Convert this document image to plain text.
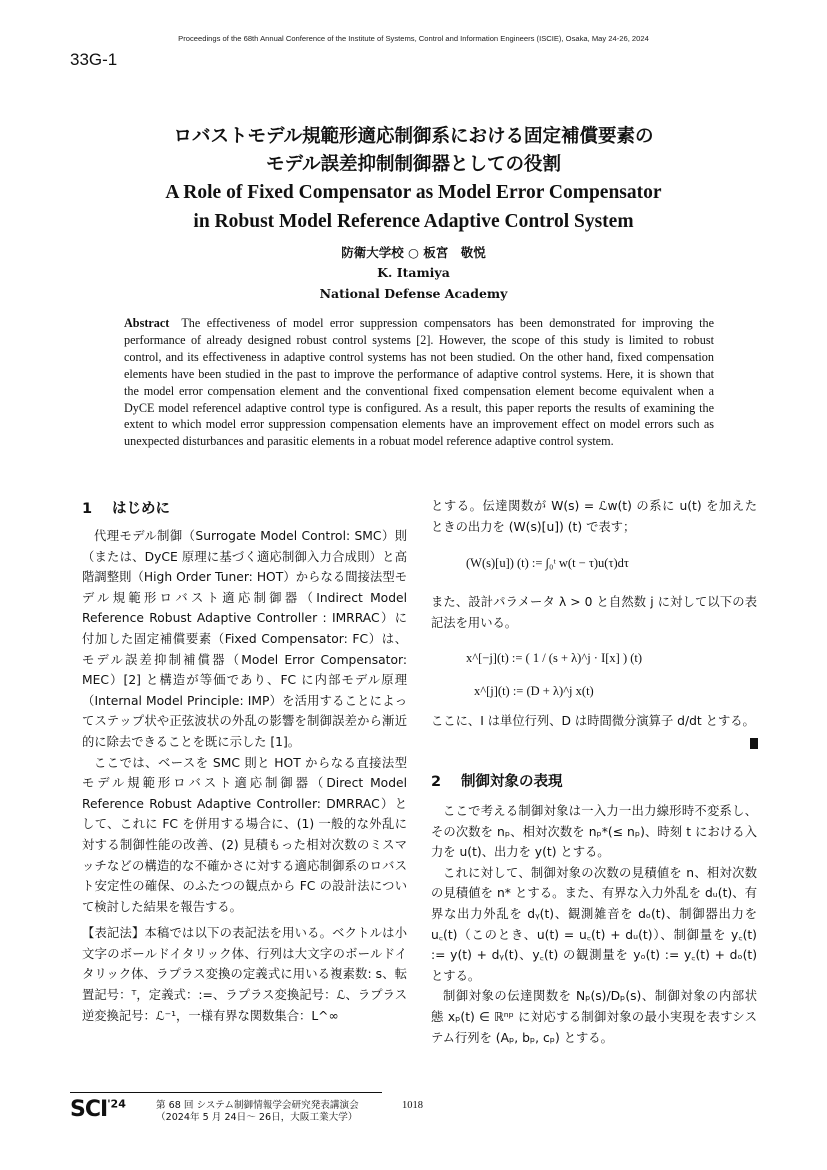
Proceedings of the 68th Annual Conference of the Institute of Systems, Control and Information Engineers (ISCIE), Osaka, May 24-26, 2024
33G-1
ロバストモデル規範形適応制御系における固定補償要素の
モデル誤差抑制制御器としての役割
A Role of Fixed Compensator as Model Error Compensator
in Robust Model Reference Adaptive Control System
防衛大学校 ○ 板宮　敬悦
K. Itamiya
National Defense Academy
Abstract The effectiveness of model error suppression compensators has been demonstrated for improving the performance of already designed robust control systems [2]. However, the scope of this study is limited to robust control, and its effectiveness in adaptive control systems has not been studied. On the other hand, fixed compensation elements have been studied in the past to improve the performance of adaptive control systems. Here, it is shown that the model error compensation element and the conventional fixed compensation element become equivalent when a DyCE model referencel adaptive control type is configured. As a result, this paper reports the results of examining the extent to which model error suppression compensation elements have an improvement effect on model errors such as unexpected disturbances and parasitic elements in a robuat model reference adaptive control system.
1 はじめに

代理モデル制御（Surrogate Model Control: SMC）則（または、DyCE 原理に基づく適応制御入力合成則）と高階調整則（High Order Tuner: HOT）からなる間接法型モデル規範形ロバスト適応制御器（Indirect Model Reference Robust Adaptive Controller : IMRRAC）に付加した固定補償要素（Fixed Compensator: FC）は、モデル誤差抑制補償器（Model Error Compensator: MEC）[2] と構造が等価であり、FC に内部モデル原理（Internal Model Principle: IMP）を活用することによってステップ状や正弦波状の外乱の影響を制御誤差から漸近的に除去できることを既に示した [1]。

ここでは、ベースを SMC 則と HOT からなる直接法型モデル規範形ロバスト適応制御器（Direct Model Reference Robust Adaptive Controller: DMRRAC）として、これに FC を併用する場合に、(1) 一般的な外乱に対する制御性能の改善、(2) 見積もった相対次数のミスマッチなどの構造的な不確かさに対する適応制御系のロバスト安定性の確保、のふたつの観点から FC の設計法について検討した結果を報告する。

【表記法】本稿では以下の表記法を用いる。ベクトルは小文字のボールドイタリック体、行列は大文字のボールドイタリック体、ラプラス変換の定義式に用いる複素数: s、転置記号：ᵀ，定義式：:=、ラプラス変換記号：ℒ、ラプラス逆変換記号：ℒ⁻¹，一様有界な関数集合：L^∞

とする。伝達関数が W(s) = ℒw(t) の系に u(t) を加えたときの出力を (W(s)[u]) (t) で表す；

(W(s)[u]) (t) := ∫₀ᵗ w(t − τ)u(τ)dτ

また、設計パラメータ λ > 0 と自然数 j に対して以下の表記法を用いる。

x^[−j](t) := ( 1 / (s + λ)^j · I[x] ) (t)
x^[j](t) := (D + λ)^j x(t)

ここに、I は単位行列、D は時間微分演算子 d/dt とする。

2 制御対象の表現

ここで考える制御対象は一入力一出力線形時不変系し、その次数を nₚ、相対次数を nₚ*(≤ nₚ)、時刻 t における入力を u(t)、出力を y(t) とする。

これに対して、制御対象の次数の見積値を n、相対次数の見積値を n* とする。また、有界な入力外乱を dᵤ(t)、有界な出力外乱を dᵧ(t)、観測雑音を dₒ(t)、制御器出力を u꜀(t)（このとき、u(t) = u꜀(t) + dᵤ(t)）、制御量を y꜀(t) := y(t) + dᵧ(t)、y꜀(t) の観測量を yₒ(t) := y꜀(t) + dₒ(t) とする。

制御対象の伝達関数を Nₚ(s)/Dₚ(s)、制御対象の内部状態 xₚ(t) ∈ ℝⁿᵖ に対応する制御対象の最小実現を表すシステム行列を (Aₚ, bₚ, cₚ) とする。

$SCI^{'24}$	第 68 回 システム制御情報学会研究発表講演会
（2024年 5 月 24日〜 26日，大阪工業大学）
1018
